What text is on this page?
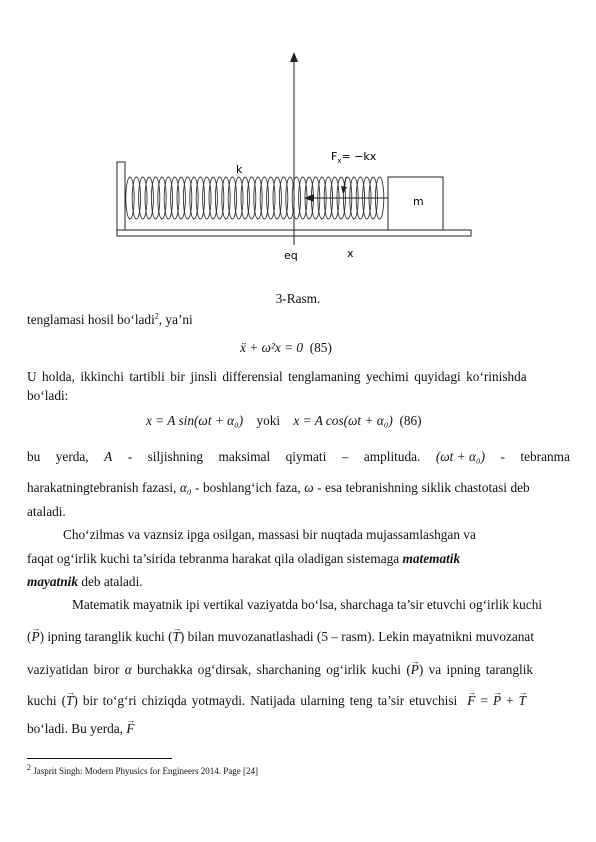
m
k
$F_x= -kx$
eq	x
3-Rasm.
tenglamasi hosil bo‘ladi$^2$, ya’ni
ẍ + ω²x = 0 (85)
U holda, ikkinchi tartibli bir jinsli differensial tenglamaning yechimi quyidagi ko‘rinishda
bo‘ladi:
x = A sin(ωt + α₀) yoki x = A cos(ωt + α₀) (86)
bu yerda, A - siljishning maksimal qiymati – amplituda. (ωt + α₀) - tebranma
harakatningtebranish fazasi, α₀ - boshlang‘ich faza, ω - esa tebranishning siklik chastotasi deb
ataladi.
Cho‘zilmas va vaznsiz ipga osilgan, massasi bir nuqtada mujassamlashgan va
faqat og‘irlik kuchi ta’sirida tebranma harakat qila oladigan sistemaga matematik
mayatnik deb ataladi.
Matematik mayatnik ipi vertikal vaziyatda bo‘lsa, sharchaga ta’sir etuvchi og‘irlik kuchi
(→ P) ipning taranglik kuchi (→ T) bilan muvozanatlashadi (5 – rasm). Lekin mayatnikni muvozanat
vaziyatidan biror α burchakka og‘dirsak, sharchaning og‘irlik kuchi (→ P) va ipning taranglik
kuchi (→ T) bir to‘g‘ri chiziqda yotmaydi. Natijada ularning teng ta’sir etuvchisi → F = → P + → T
bo‘ladi. Bu yerda, → F
$^2$ Jasprit Singh: Modern Phyusics for Engineers 2014. Page [24]
